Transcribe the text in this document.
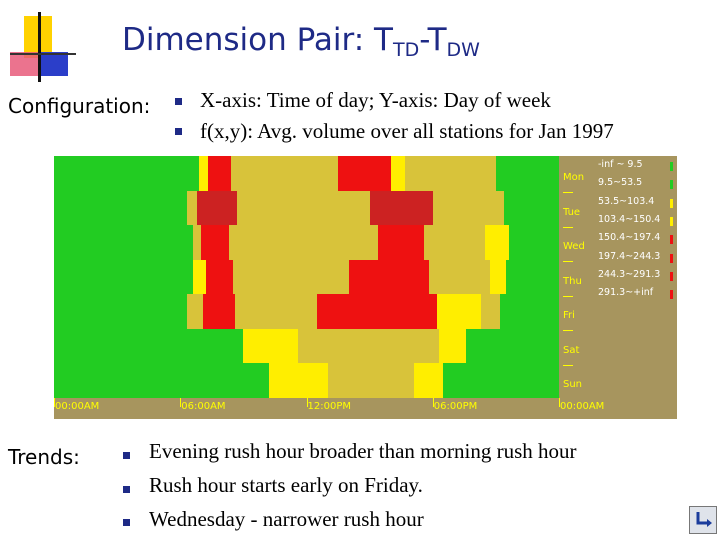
Dimension Pair: $T_{TD}-T_{DW}$
Configuration: X-axis: Time of day; Y-axis: Day of week
f(x,y): Avg. volume over all stations for Jan 1997
Mon
Tue
Wed
Thu
Fri
Sat
Sun
-inf ~ 9.5
9.5~53.5
53.5~103.4
103.4~150.4
150.4~197.4
197.4~244.3
244.3~291.3
291.3~+inf
00:00AM	06:00AM	12:00PM	06:00PM	00:00AM
Trends:	Evening rush hour broader than morning rush hour
Rush hour starts early on Friday.
Wednesday - narrower rush hour
